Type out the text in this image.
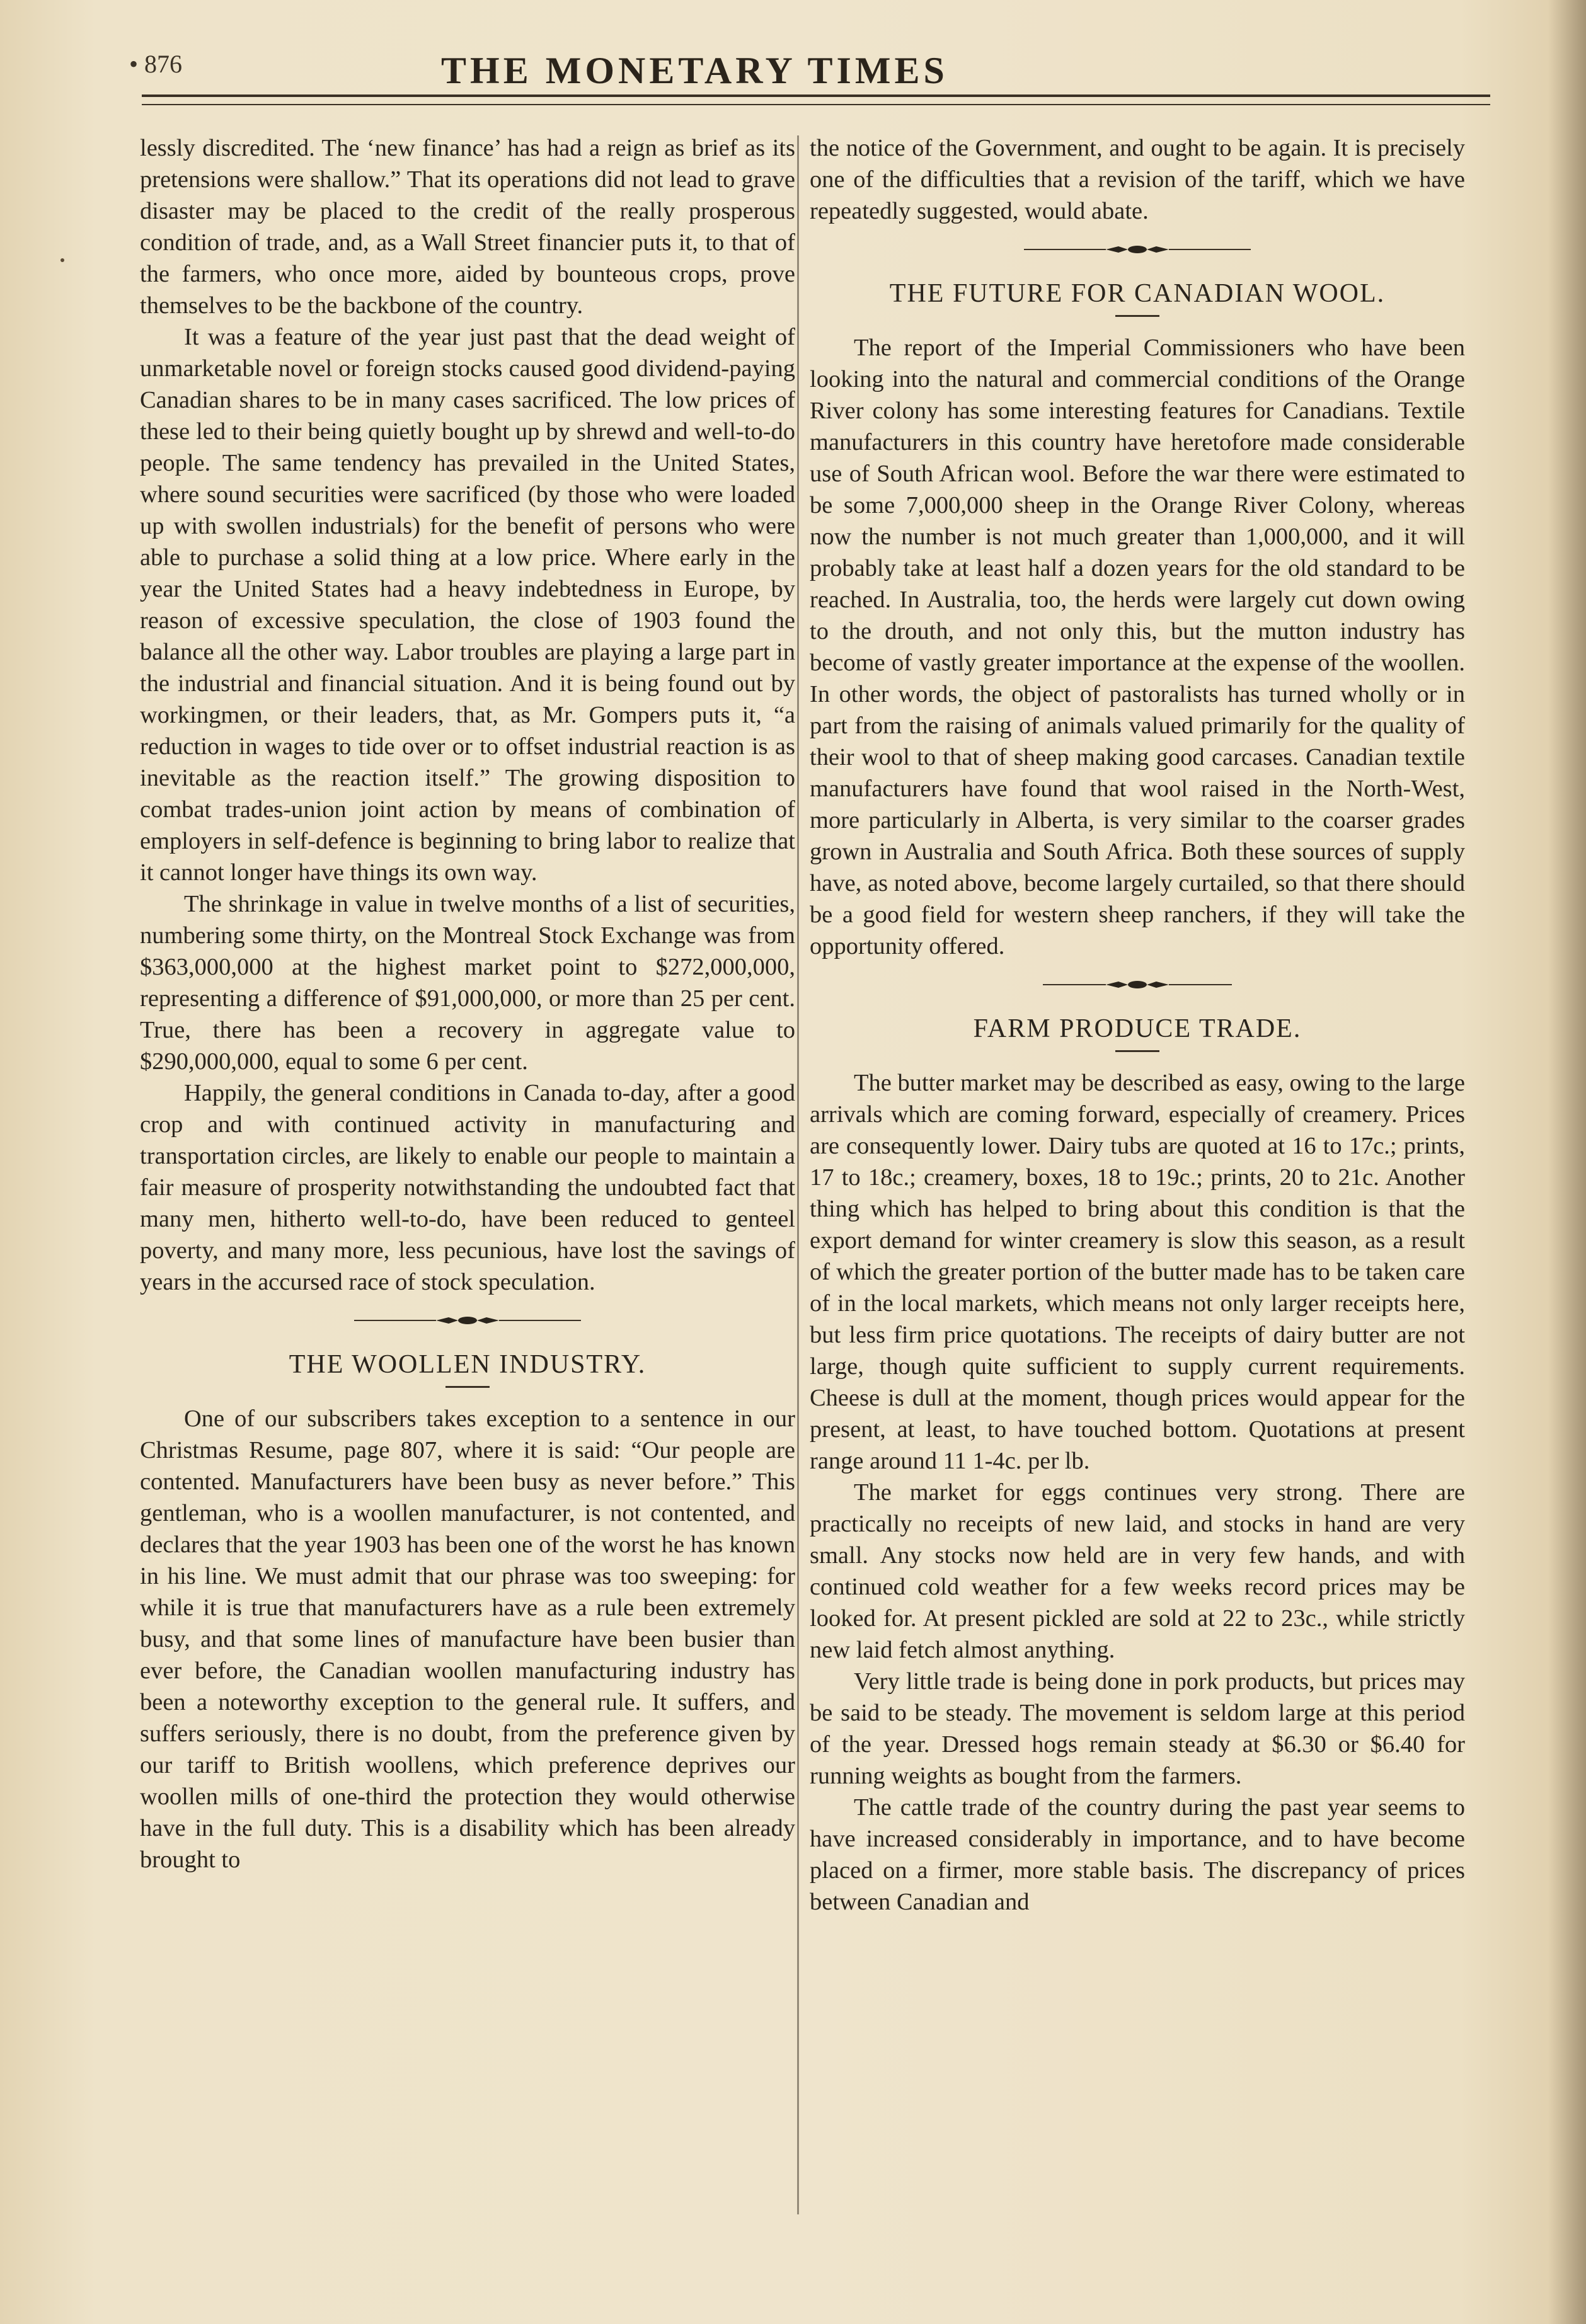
• 876	THE MONETARY TIMES

lessly discredited. The ‘new finance’ has had a reign as brief as its pretensions were shallow.” That its operations did not lead to grave disaster may be placed to the credit of the really prosperous condition of trade, and, as a Wall Street financier puts it, to that of the farmers, who once more, aided by bounteous crops, prove themselves to be the backbone of the country.

It was a feature of the year just past that the dead weight of unmarketable novel or foreign stocks caused good dividend-paying Canadian shares to be in many cases sacrificed. The low prices of these led to their being quietly bought up by shrewd and well-to-do people. The same tendency has prevailed in the United States, where sound securities were sacrificed (by those who were loaded up with swollen industrials) for the benefit of persons who were able to purchase a solid thing at a low price. Where early in the year the United States had a heavy indebtedness in Europe, by reason of excessive speculation, the close of 1903 found the balance all the other way. Labor troubles are playing a large part in the industrial and financial situation. And it is being found out by workingmen, or their leaders, that, as Mr. Gompers puts it, “a reduction in wages to tide over or to offset industrial reaction is as inevitable as the reaction itself.” The growing disposition to combat trades-union joint action by means of combination of employers in self-defence is beginning to bring labor to realize that it cannot longer have things its own way.

The shrinkage in value in twelve months of a list of securities, numbering some thirty, on the Montreal Stock Exchange was from $363,000,000 at the highest market point to $272,000,000, representing a difference of $91,000,000, or more than 25 per cent. True, there has been a recovery in aggregate value to $290,000,000, equal to some 6 per cent.

Happily, the general conditions in Canada to-day, after a good crop and with continued activity in manufacturing and transportation circles, are likely to enable our people to maintain a fair measure of prosperity notwithstanding the undoubted fact that many men, hitherto well-to-do, have been reduced to genteel poverty, and many more, less pecunious, have lost the savings of years in the accursed race of stock speculation.

THE WOOLLEN INDUSTRY.

One of our subscribers takes exception to a sentence in our Christmas Resume, page 807, where it is said: “Our people are contented. Manufacturers have been busy as never before.” This gentleman, who is a woollen manufacturer, is not contented, and declares that the year 1903 has been one of the worst he has known in his line. We must admit that our phrase was too sweeping: for while it is true that manufacturers have as a rule been extremely busy, and that some lines of manufacture have been busier than ever before, the Canadian woollen manufacturing industry has been a noteworthy exception to the general rule. It suffers, and suffers seriously, there is no doubt, from the preference given by our tariff to British woollens, which preference deprives our woollen mills of one-third the protection they would otherwise have in the full duty. This is a disability which has been already brought to

the notice of the Government, and ought to be again. It is precisely one of the difficulties that a revision of the tariff, which we have repeatedly suggested, would abate.

THE FUTURE FOR CANADIAN WOOL.

The report of the Imperial Commissioners who have been looking into the natural and commercial conditions of the Orange River colony has some interesting features for Canadians. Textile manufacturers in this country have heretofore made considerable use of South African wool. Before the war there were estimated to be some 7,000,000 sheep in the Orange River Colony, whereas now the number is not much greater than 1,000,000, and it will probably take at least half a dozen years for the old standard to be reached. In Australia, too, the herds were largely cut down owing to the drouth, and not only this, but the mutton industry has become of vastly greater importance at the expense of the woollen. In other words, the object of pastoralists has turned wholly or in part from the raising of animals valued primarily for the quality of their wool to that of sheep making good carcases. Canadian textile manufacturers have found that wool raised in the North-West, more particularly in Alberta, is very similar to the coarser grades grown in Australia and South Africa. Both these sources of supply have, as noted above, become largely curtailed, so that there should be a good field for western sheep ranchers, if they will take the opportunity offered.

FARM PRODUCE TRADE.

The butter market may be described as easy, owing to the large arrivals which are coming forward, especially of creamery. Prices are consequently lower. Dairy tubs are quoted at 16 to 17c.; prints, 17 to 18c.; creamery, boxes, 18 to 19c.; prints, 20 to 21c. Another thing which has helped to bring about this condition is that the export demand for winter creamery is slow this season, as a result of which the greater portion of the butter made has to be taken care of in the local markets, which means not only larger receipts here, but less firm price quotations. The receipts of dairy butter are not large, though quite sufficient to supply current requirements. Cheese is dull at the moment, though prices would appear for the present, at least, to have touched bottom. Quotations at present range around 11 1-4c. per lb.

The market for eggs continues very strong. There are practically no receipts of new laid, and stocks in hand are very small. Any stocks now held are in very few hands, and with continued cold weather for a few weeks record prices may be looked for. At present pickled are sold at 22 to 23c., while strictly new laid fetch almost anything.

Very little trade is being done in pork products, but prices may be said to be steady. The movement is seldom large at this period of the year. Dressed hogs remain steady at $6.30 or $6.40 for running weights as bought from the farmers.

The cattle trade of the country during the past year seems to have increased considerably in importance, and to have become placed on a firmer, more stable basis. The discrepancy of prices between Canadian and
